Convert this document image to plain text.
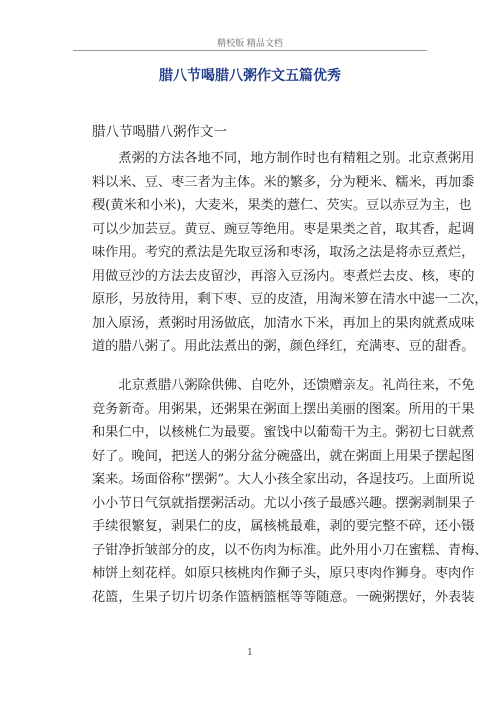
精校版 精品文档
腊八节喝腊八粥作文五篇优秀
腊八节喝腊八粥作文一
煮粥的方法各地不同，地方制作时也有精粗之别。北京煮粥用
料以米、豆、枣三者为主体。米的繁多，分为粳米、糯米，再加黍
稷(黄米和小米)，大麦米，果类的薏仁、芡实。豆以赤豆为主，也
可以少加芸豆。黄豆、豌豆等绝用。枣是果类之首，取其香，起调
味作用。考究的煮法是先取豆汤和枣汤，取汤之法是将赤豆煮烂，
用做豆沙的方法去皮留沙，再溶入豆汤内。枣煮烂去皮、核，枣的
原形，另放待用，剩下枣、豆的皮渣，用淘米箩在清水中滤一二次，
加入原汤，煮粥时用汤做底，加清水下米，再加上的果肉就煮成味
道的腊八粥了。用此法煮出的粥，颜色绎红，充满枣、豆的甜香。
北京煮腊八粥除供佛、自吃外，还馈赠亲友。礼尚往来，不免
竞务新奇。用粥果，还粥果在粥面上摆出美丽的图案。所用的干果
和果仁中，以核桃仁为最要。蜜饯中以葡萄干为主。粥初七日就煮
好了。晚间，把送人的粥分盆分碗盛出，就在粥面上用果子摆起图
案来。场面俗称“摆粥”。大人小孩全家出动，各逞技巧。上面所说
小小节日气氛就指摆粥活动。尤以小孩子最感兴趣。摆粥剥制果子
手续很繁复，剥果仁的皮，属核桃最难，剥的要完整不碎，还小镊
子钳净折皱部分的皮，以不伤肉为标准。此外用小刀在蜜糕、青梅、
柿饼上刻花样。如原只核桃肉作狮子头，原只枣肉作狮身。枣肉作
花篮，生果子切片切条作篮柄篮框等等随意。一碗粥摆好，外表装
1
